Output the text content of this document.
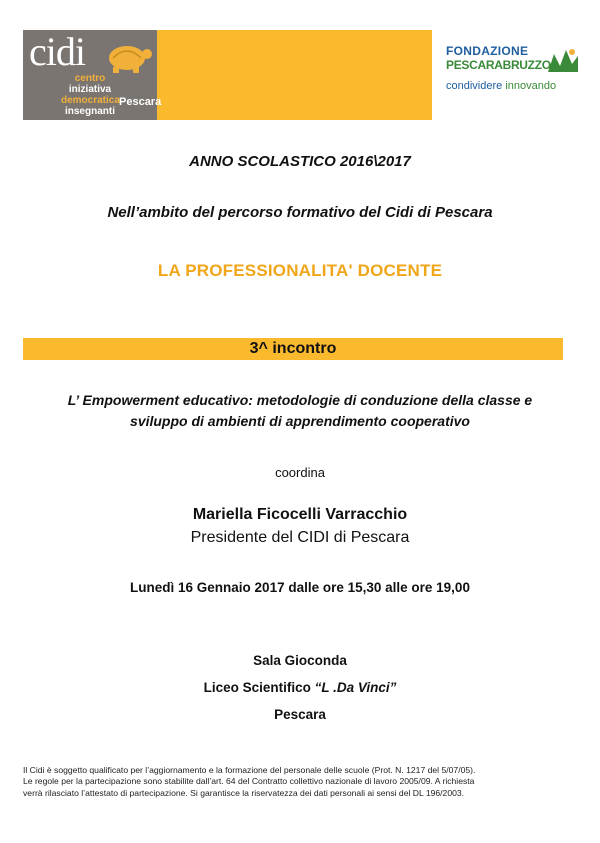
cidi
centro
iniziativa
democratica
insegnanti
Pescara
FONDAZIONE
PESCARABRUZZO
condividere innovando
ANNO SCOLASTICO 2016\2017
Nell’ambito del percorso formativo del Cidi di Pescara
LA PROFESSIONALITA' DOCENTE
3^ incontro
L’ Empowerment educativo: metodologie di conduzione della classe e
sviluppo di ambienti di apprendimento cooperativo
coordina
Mariella Ficocelli Varracchio
Presidente del CIDI di Pescara
Lunedì 16 Gennaio 2017 dalle ore 15,30 alle ore 19,00
Sala Gioconda
Liceo Scientifico “L .Da Vinci”
Pescara
Il Cidi è soggetto qualificato per l’aggiornamento e la formazione del personale delle scuole (Prot. N. 1217 del 5/07/05).
Le regole per la partecipazione sono stabilite dall’art. 64 del Contratto collettivo nazionale di lavoro 2005/09. A richiesta
verrà rilasciato l’attestato di partecipazione. Si garantisce la riservatezza dei dati personali ai sensi del DL 196/2003.
